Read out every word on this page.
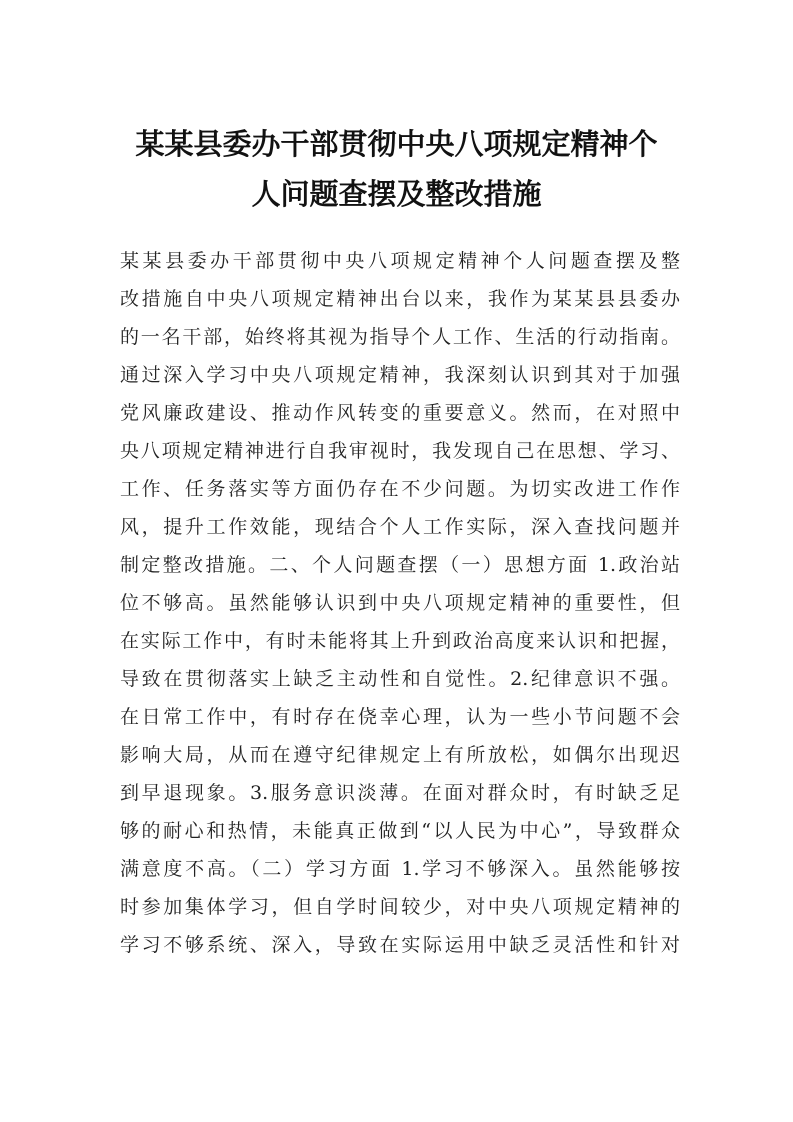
某某县委办干部贯彻中央八项规定精神个
人问题查摆及整改措施
某某县委办干部贯彻中央八项规定精神个人问题查摆及整
改措施自中央八项规定精神出台以来，我作为某某县县委办
的一名干部，始终将其视为指导个人工作、生活的行动指南。
通过深入学习中央八项规定精神，我深刻认识到其对于加强
党风廉政建设、推动作风转变的重要意义。然而，在对照中
央八项规定精神进行自我审视时，我发现自己在思想、学习、
工作、任务落实等方面仍存在不少问题。为切实改进工作作
风，提升工作效能，现结合个人工作实际，深入查找问题并
制定整改措施。二、个人问题查摆（一）思想方面 1.政治站
位不够高。虽然能够认识到中央八项规定精神的重要性，但
在实际工作中，有时未能将其上升到政治高度来认识和把握，
导致在贯彻落实上缺乏主动性和自觉性。2.纪律意识不强。
在日常工作中，有时存在侥幸心理，认为一些小节问题不会
影响大局，从而在遵守纪律规定上有所放松，如偶尔出现迟
到早退现象。3.服务意识淡薄。在面对群众时，有时缺乏足
够的耐心和热情，未能真正做到“以人民为中心”，导致群众
满意度不高。（二）学习方面 1.学习不够深入。虽然能够按
时参加集体学习，但自学时间较少，对中央八项规定精神的
学习不够系统、深入，导致在实际运用中缺乏灵活性和针对
